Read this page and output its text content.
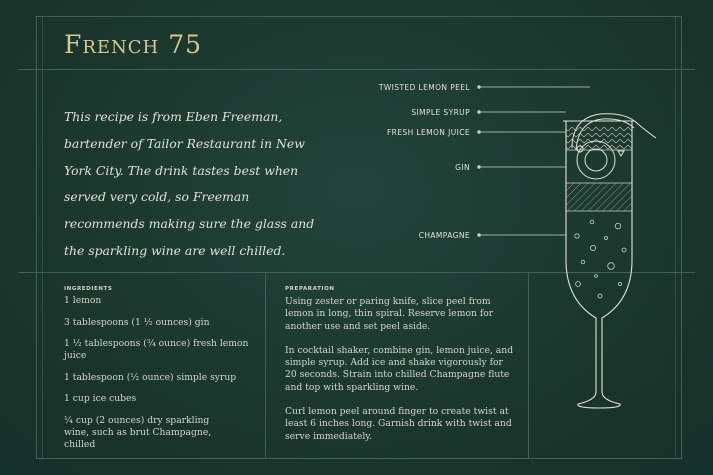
French 75

This recipe is from Eben Freeman, bartender of Tailor Restaurant in New York City. The drink tastes best when served very cold, so Freeman recommends making sure the glass and the sparkling wine are well chilled.

INGREDIENTS
1 lemon
3 tablespoons (1 ½ ounces) gin
1 ½ tablespoons (¾ ounce) fresh lemon juice
1 tablespoon (½ ounce) simple syrup
1 cup ice cubes
¼ cup (2 ounces) dry sparkling wine, such as brut Champagne, chilled
PREPARATION

Using zester or paring knife, slice peel from lemon in long, thin spiral. Reserve lemon for another use and set peel aside.

In cocktail shaker, combine gin, lemon juice, and simple syrup. Add ice and shake vigorously for 20 seconds. Strain into chilled Champagne flute and top with sparkling wine.

Curl lemon peel around finger to create twist at least 6 inches long. Garnish drink with twist and serve immediately.

TWISTED LEMON PEEL
SIMPLE SYRUP
FRESH LEMON JUICE
GIN
CHAMPAGNE
